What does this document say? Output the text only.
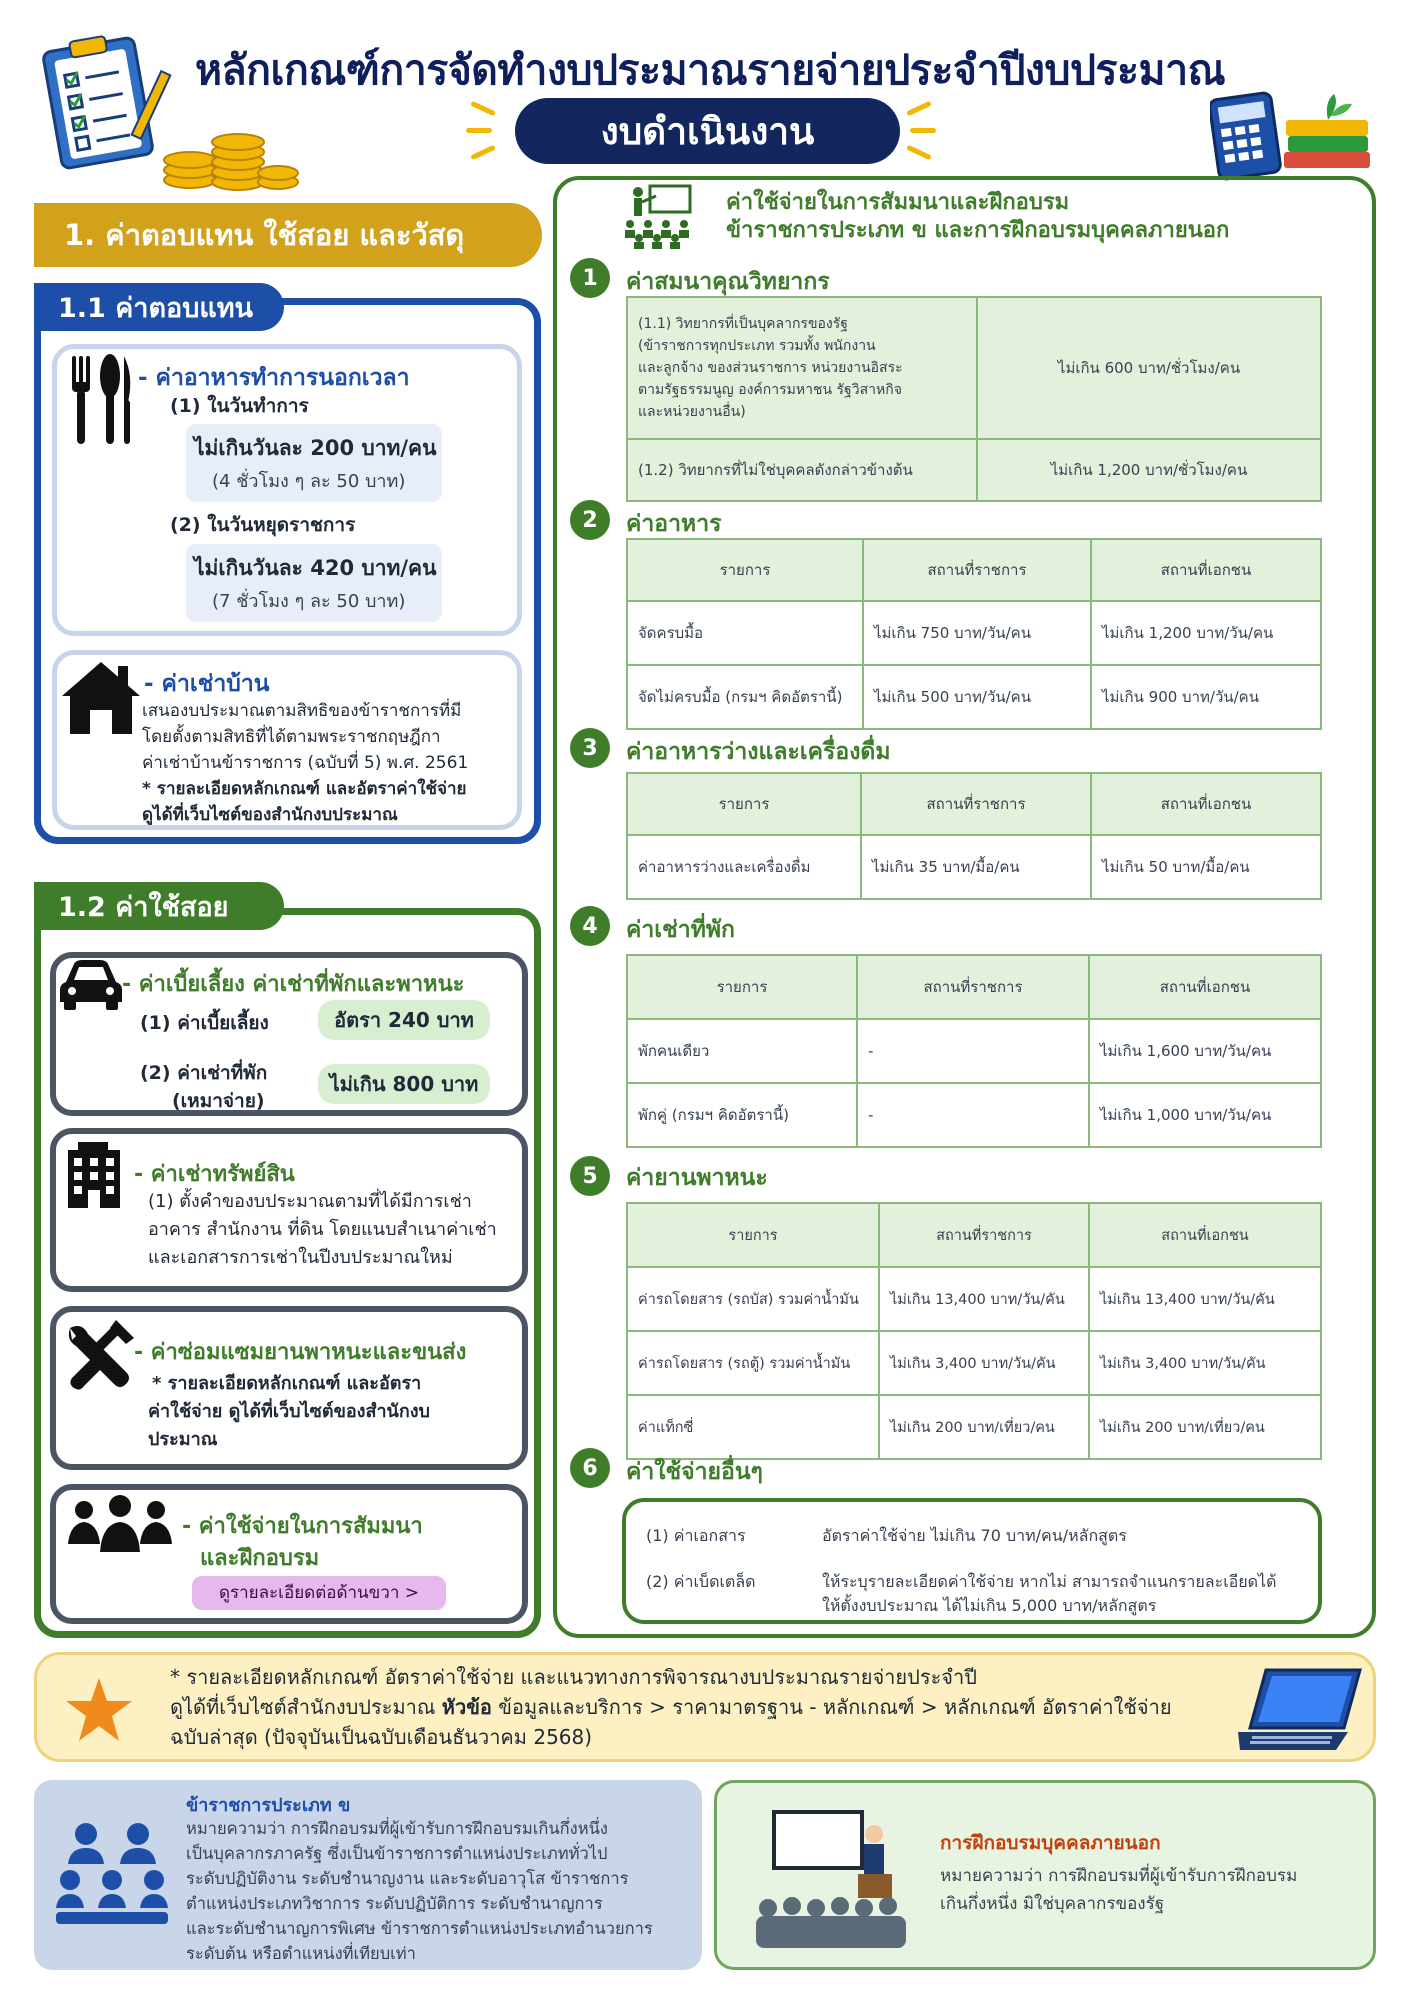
หลักเกณฑ์การจัดทำงบประมาณรายจ่ายประจำปีงบประมาณ
งบดำเนินงาน
1. ค่าตอบแทน ใช้สอย และวัสดุ
1.1 ค่าตอบแทน
- ค่าอาหารทำการนอกเวลา
(1) ในวันทำการ
ไม่เกินวันละ 200 บาท/คน
(4 ชั่วโมง ๆ ละ 50 บาท)
(2) ในวันหยุดราชการ
ไม่เกินวันละ 420 บาท/คน
(7 ชั่วโมง ๆ ละ 50 บาท)
- ค่าเช่าบ้าน
เสนองบประมาณตามสิทธิของข้าราชการที่มี
โดยตั้งตามสิทธิที่ได้ตามพระราชกฤษฎีกา
ค่าเช่าบ้านข้าราชการ (ฉบับที่ 5) พ.ศ. 2561
* รายละเอียดหลักเกณฑ์ และอัตราค่าใช้จ่าย
ดูได้ที่เว็บไซต์ของสำนักงบประมาณ
1.2 ค่าใช้สอย
- ค่าเบี้ยเลี้ยง ค่าเช่าที่พักและพาหนะ
(1) ค่าเบี้ยเลี้ยง	อัตรา 240 บาท
(2) ค่าเช่าที่พัก
(เหมาจ่าย)
ไม่เกิน 800 บาท
- ค่าเช่าทรัพย์สิน
(1) ตั้งคำของบประมาณตามที่ได้มีการเช่า
อาคาร สำนักงาน ที่ดิน โดยแนบสำเนาค่าเช่า
และเอกสารการเช่าในปีงบประมาณใหม่
- ค่าซ่อมแซมยานพาหนะและขนส่ง
* รายละเอียดหลักเกณฑ์ และอัตรา
ค่าใช้จ่าย ดูได้ที่เว็บไซต์ของสำนักงบ
ประมาณ
- ค่าใช้จ่ายในการสัมมนา
และฝึกอบรม
ดูรายละเอียดต่อด้านขวา >
ค่าใช้จ่ายในการสัมมนาและฝึกอบรม
ข้าราชการประเภท ข และการฝึกอบรมบุคคลภายนอก
1	ค่าสมนาคุณวิทยากร
(1.1) วิทยากรที่เป็นบุคลากรของรัฐ
(ข้าราชการทุกประเภท รวมทั้ง พนักงาน
และลูกจ้าง ของส่วนราชการ หน่วยงานอิสระ
ตามรัฐธรรมนูญ องค์การมหาชน รัฐวิสาหกิจ
และหน่วยงานอื่น)	ไม่เกิน 600 บาท/ชั่วโมง/คน
(1.2) วิทยากรที่ไม่ใช่บุคคลดังกล่าวข้างต้น	ไม่เกิน 1,200 บาท/ชั่วโมง/คน
2	ค่าอาหาร
รายการ	สถานที่ราชการ	สถานที่เอกชน
จัดครบมื้อ	ไม่เกิน 750 บาท/วัน/คน	ไม่เกิน 1,200 บาท/วัน/คน
จัดไม่ครบมื้อ (กรมฯ คิดอัตรานี้)	ไม่เกิน 500 บาท/วัน/คน	ไม่เกิน 900 บาท/วัน/คน
3	ค่าอาหารว่างและเครื่องดื่ม
รายการ	สถานที่ราชการ	สถานที่เอกชน
ค่าอาหารว่างและเครื่องดื่ม	ไม่เกิน 35 บาท/มื้อ/คน	ไม่เกิน 50 บาท/มื้อ/คน
4	ค่าเช่าที่พัก
รายการ	สถานที่ราชการ	สถานที่เอกชน
พักคนเดียว	-	ไม่เกิน 1,600 บาท/วัน/คน
พักคู่ (กรมฯ คิดอัตรานี้)	-	ไม่เกิน 1,000 บาท/วัน/คน
5	ค่ายานพาหนะ
รายการ	สถานที่ราชการ	สถานที่เอกชน
ค่ารถโดยสาร (รถบัส) รวมค่าน้ำมัน	ไม่เกิน 13,400 บาท/วัน/คัน	ไม่เกิน 13,400 บาท/วัน/คัน
ค่ารถโดยสาร (รถตู้) รวมค่าน้ำมัน	ไม่เกิน 3,400 บาท/วัน/คัน	ไม่เกิน 3,400 บาท/วัน/คัน
ค่าแท็กซี่	ไม่เกิน 200 บาท/เที่ยว/คน	ไม่เกิน 200 บาท/เที่ยว/คน
6	ค่าใช้จ่ายอื่นๆ
(1) ค่าเอกสาร	อัตราค่าใช้จ่าย ไม่เกิน 70 บาท/คน/หลักสูตร
(2) ค่าเบ็ดเตล็ด	ให้ระบุรายละเอียดค่าใช้จ่าย หากไม่ สามารถจำแนกรายละเอียดได้
ให้ตั้งงบประมาณ ได้ไม่เกิน 5,000 บาท/หลักสูตร
* รายละเอียดหลักเกณฑ์ อัตราค่าใช้จ่าย และแนวทางการพิจารณางบประมาณรายจ่ายประจำปี
ดูได้ที่เว็บไซต์สำนักงบประมาณ หัวข้อ ข้อมูลและบริการ > ราคามาตรฐาน - หลักเกณฑ์ > หลักเกณฑ์ อัตราค่าใช้จ่าย
ฉบับล่าสุด (ปัจจุบันเป็นฉบับเดือนธันวาคม 2568)
ข้าราชการประเภท ข
หมายความว่า การฝึกอบรมที่ผู้เข้ารับการฝึกอบรมเกินกึ่งหนึ่ง
เป็นบุคลากรภาครัฐ ซึ่งเป็นข้าราชการตำแหน่งประเภททั่วไป
ระดับปฏิบัติงาน ระดับชำนาญงาน และระดับอาวุโส ข้าราชการ
ตำแหน่งประเภทวิชาการ ระดับปฏิบัติการ ระดับชำนาญการ
และระดับชำนาญการพิเศษ ข้าราชการตำแหน่งประเภทอำนวยการ
ระดับต้น หรือตำแหน่งที่เทียบเท่า
การฝึกอบรมบุคคลภายนอก
หมายความว่า การฝึกอบรมที่ผู้เข้ารับการฝึกอบรม
เกินกึ่งหนึ่ง มิใช่บุคลากรของรัฐ
